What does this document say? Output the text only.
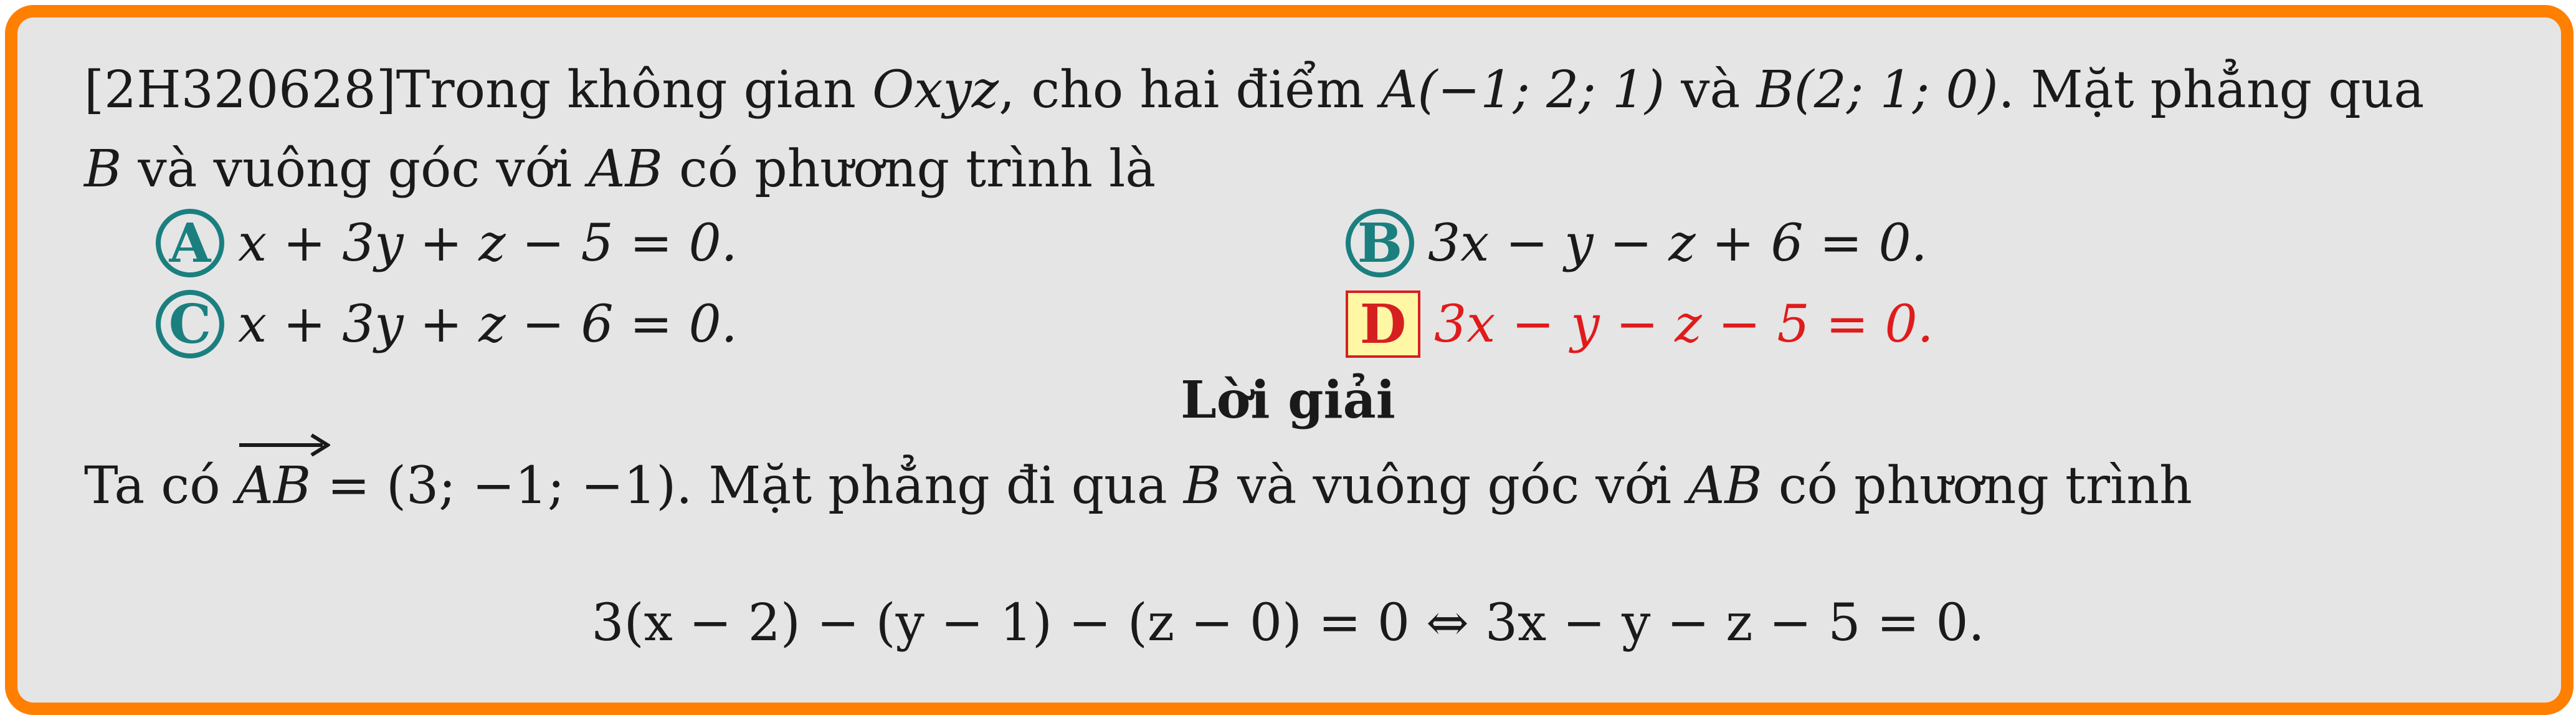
[2H320628]Trong không gian Oxyz, cho hai điểm A(−1; 2; 1) và B(2; 1; 0). Mặt phẳng qua
B và vuông góc với AB có phương trình là
A x + 3y + z − 5 = 0.	B 3x − y − z + 6 = 0.
C x + 3y + z − 6 = 0.	D 3x − y − z − 5 = 0.
Lời giải
Ta có
AB = (3; −1; −1). Mặt phẳng đi qua B và vuông góc với AB có phương trình
3(x − 2) − (y − 1) − (z − 0) = 0 ⇔ 3x − y − z − 5 = 0.
